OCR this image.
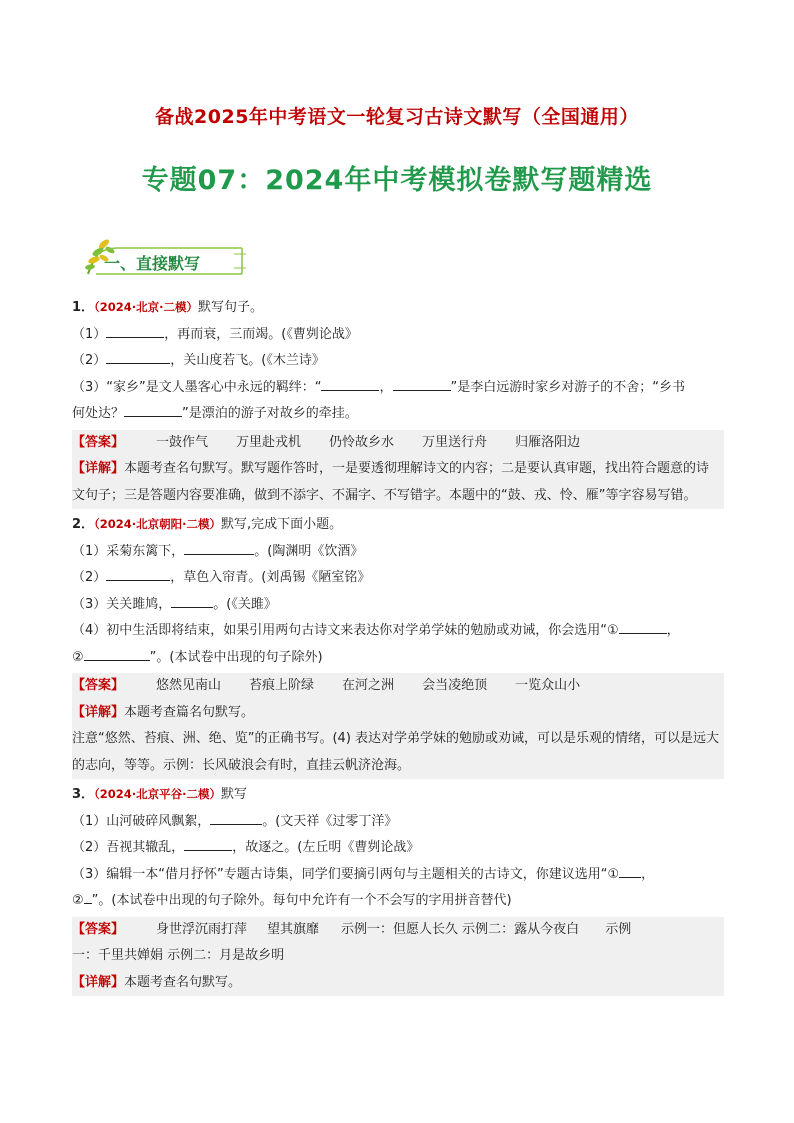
备战2025年中考语文一轮复习古诗文默写（全国通用）
专题07：2024年中考模拟卷默写题精选
一、直接默写
1．（2024·北京·二模）默写句子。
（1）	，再而衰，三而竭。(《曹刿论战》
（2）	，关山度若飞。(《木兰诗》
（3）“家乡”是文人墨客心中永远的羁绊：“	，	”是李白远游时家乡对游子的不舍；“乡书
何处达？	”是漂泊的游子对故乡的牵挂。
【答案】 一鼓作气 万里赴戎机 仍怜故乡水 万里送行舟 归雁洛阳边
【详解】本题考查名句默写。默写题作答时，一是要透彻理解诗文的内容；二是要认真审题，找出符合题意的诗文句子；三是答题内容要准确，做到不添字、不漏字、不写错字。本题中的“鼓、戎、怜、雁”等字容易写错。
2．（2024·北京朝阳·二模）默写,完成下面小题。
（1）采菊东篱下，	。(陶渊明《饮酒》
（2）	，草色入帘青。(刘禹锡《陋室铭》
（3）关关雎鸠，	。(《关雎》
（4）初中生活即将结束，如果引用两句古诗文来表达你对学弟学妹的勉励或劝诫，你会选用“①	，
②	”。(本试卷中出现的句子除外)
【答案】 悠然见南山 苔痕上阶绿 在河之洲 会当凌绝顶 一览众山小
【详解】本题考查篇名句默写。
注意“悠然、苔痕、洲、绝、览”的正确书写。(4) 表达对学弟学妹的勉励或劝诫，可以是乐观的情绪，可以是远大的志向，等等。示例：长风破浪会有时，直挂云帆济沧海。
3．（2024·北京平谷·二模）默写
（1）山河破碎风飘絮，	。(文天祥《过零丁洋》
（2）吾视其辙乱，	，故逐之。(左丘明《曹刿论战》
（3）编辑一本“借月抒怀”专题古诗集，同学们要摘引两句与主题相关的古诗文，你建议选用“① ，
② ”。(本试卷中出现的句子除外。每句中允许有一个不会写的字用拼音替代)
【答案】 身世浮沉雨打萍 望其旗靡 示例一：但愿人长久 示例二：露从今夜白 示例
一：千里共婵娟 示例二：月是故乡明
【详解】本题考查名句默写。
